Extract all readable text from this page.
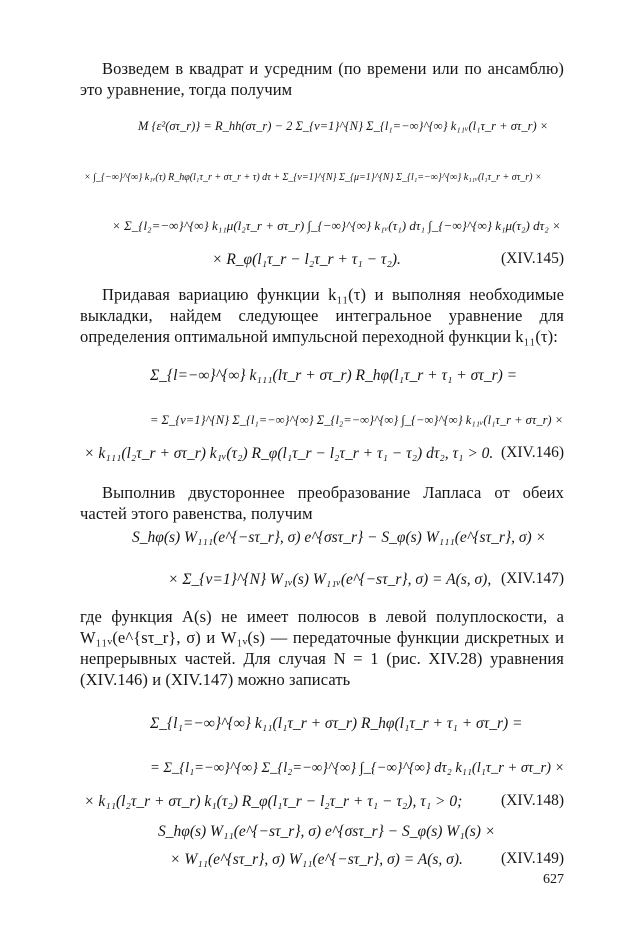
Возведем в квадрат и усредним (по времени или по ансамблю) это уравнение, тогда получим

M {ε²(στ_r)} = R_hh(στ_r) − 2 Σ_{ν=1}^{N} Σ_{l₁=−∞}^{∞} k₁₁ᵥ(l₁τ_r + στ_r) ×
× ∫_{−∞}^{∞} k₁ᵥ(τ) R_hφ(l₁τ_r + στ_r + τ) dτ + Σ_{ν=1}^{N} Σ_{μ=1}^{N} Σ_{l₁=−∞}^{∞} k₁₁ᵥ(l₁τ_r + στ_r) ×
× Σ_{l₂=−∞}^{∞} k₁₁μ(l₂τ_r + στ_r) ∫_{−∞}^{∞} k₁ᵥ(τ₁) dτ₁ ∫_{−∞}^{∞} k₁μ(τ₂) dτ₂ ×
× R_φ(l₁τ_r − l₂τ_r + τ₁ − τ₂).	(XIV.145)

Придавая вариацию функции k₁₁(τ) и выполняя необходимые выкладки, найдем следующее интегральное уравнение для определения оптимальной импульсной переходной функции k₁₁(τ):

Σ_{l=−∞}^{∞} k₁₁₁(lτ_r + στ_r) R_hφ(l₁τ_r + τ₁ + στ_r) =
= Σ_{ν=1}^{N} Σ_{l₁=−∞}^{∞} Σ_{l₂=−∞}^{∞} ∫_{−∞}^{∞} k₁₁ᵥ(l₁τ_r + στ_r) ×
× k₁₁₁(l₂τ_r + στ_r) k₁ᵥ(τ₂) R_φ(l₁τ_r − l₂τ_r + τ₁ − τ₂) dτ₂, τ₁ > 0. (XIV.146)

Выполнив двустороннее преобразование Лапласа от обеих частей этого равенства, получим

S_hφ(s) W₁₁₁(e^{−sτ_r}, σ) e^{σsτ_r} − S_φ(s) W₁₁₁(e^{sτ_r}, σ) ×
× Σ_{ν=1}^{N} W₁ᵥ(s) W₁₁ᵥ(e^{−sτ_r}, σ) = A(s, σ), (XIV.147)

где функция A(s) не имеет полюсов в левой полуплоскости, а W₁₁ᵥ(e^{sτ_r}, σ) и W₁ᵥ(s) — передаточные функции дискретных и непрерывных частей. Для случая N = 1 (рис. XIV.28) уравнения (XIV.146) и (XIV.147) можно записать

Σ_{l₁=−∞}^{∞} k₁₁(l₁τ_r + στ_r) R_hφ(l₁τ_r + τ₁ + στ_r) =
= Σ_{l₁=−∞}^{∞} Σ_{l₂=−∞}^{∞} ∫_{−∞}^{∞} dτ₂ k₁₁(l₁τ_r + στ_r) ×
× k₁₁(l₂τ_r + στ_r) k₁(τ₂) R_φ(l₁τ_r − l₂τ_r + τ₁ − τ₂), τ₁ > 0; (XIV.148)
S_hφ(s) W₁₁(e^{−sτ_r}, σ) e^{σsτ_r} − S_φ(s) W₁(s) ×
× W₁₁(e^{sτ_r}, σ) W₁₁(e^{−sτ_r}, σ) = A(s, σ). (XIV.149)
627
